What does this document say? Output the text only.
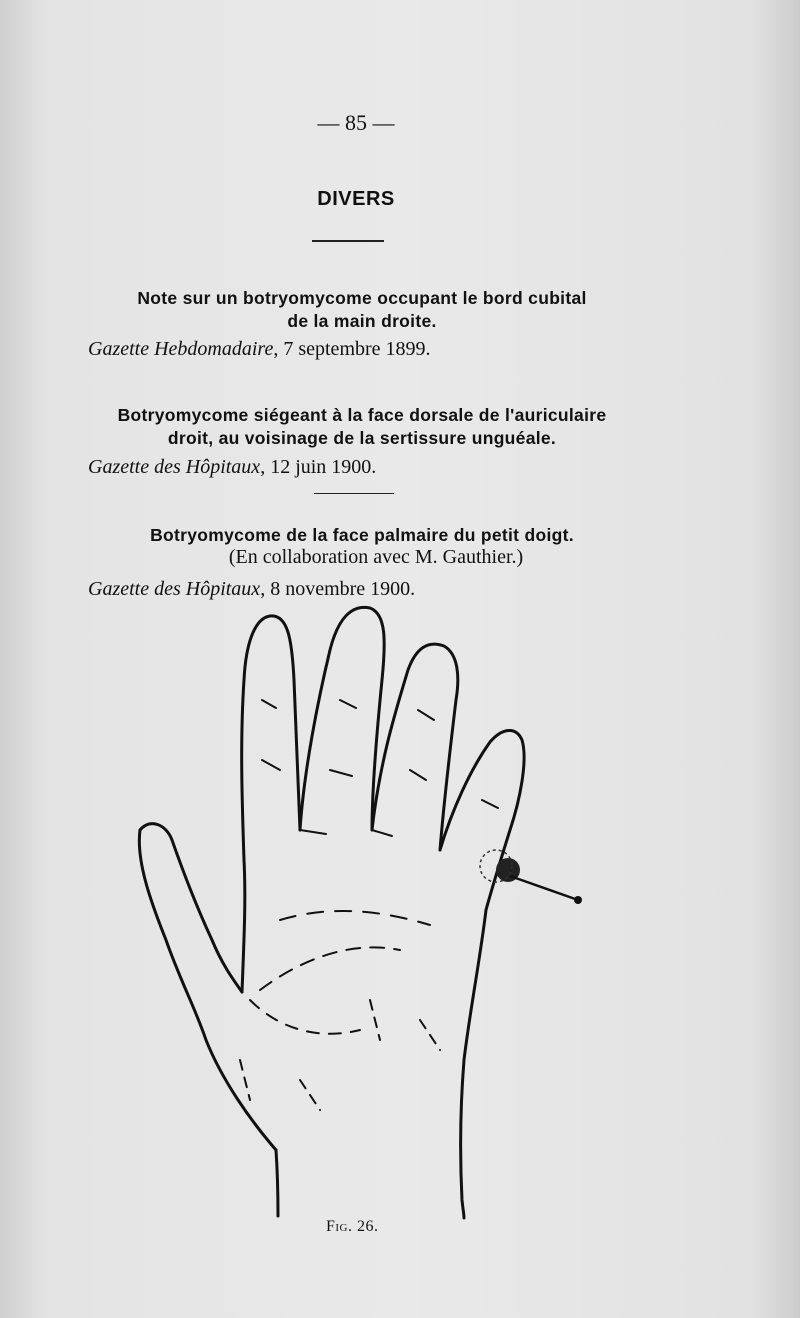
— 85 —
DIVERS
Note sur un botryomycome occupant le bord cubital
de la main droite.
Gazette Hebdomadaire, 7 septembre 1899.
Botryomycome siégeant à la face dorsale de l'auriculaire
droit, au voisinage de la sertissure unguéale.
Gazette des Hôpitaux, 12 juin 1900.
Botryomycome de la face palmaire du petit doigt.
(En collaboration avec M. Gauthier.)
Gazette des Hôpitaux, 8 novembre 1900.
Fig. 26.
